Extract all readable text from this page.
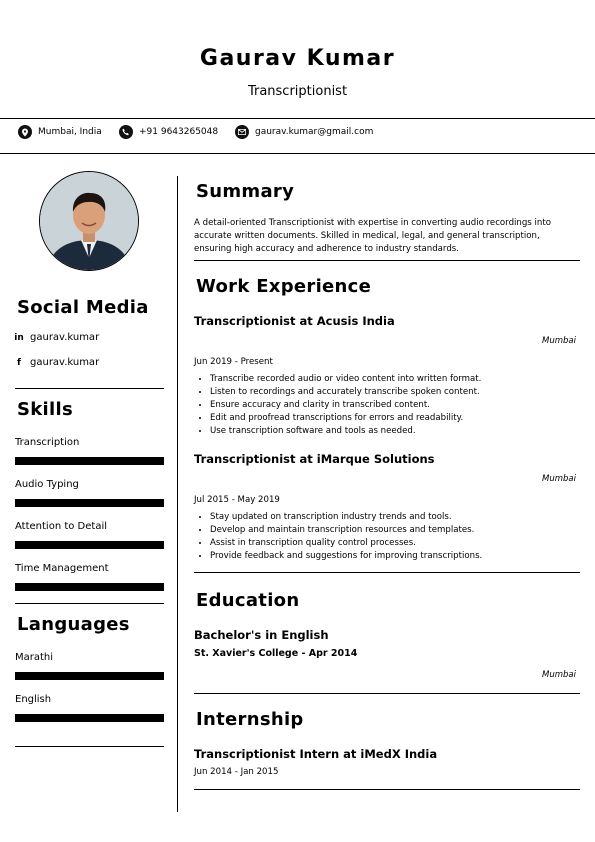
Gaurav Kumar
Transcriptionist
Mumbai, India	+91 9643265048	gaurav.kumar@gmail.com
Social Media
in gaurav.kumar
f gaurav.kumar
Skills
Transcription
Audio Typing
Attention to Detail
Time Management
Languages
Marathi
English
Summary
A detail-oriented Transcriptionist with expertise in converting audio recordings into accurate written documents. Skilled in medical, legal, and general transcription, ensuring high accuracy and adherence to industry standards.
Work Experience
Transcriptionist at Acusis India
Mumbai
Jun 2019 - Present
• Transcribe recorded audio or video content into written format.
• Listen to recordings and accurately transcribe spoken content.
• Ensure accuracy and clarity in transcribed content.
• Edit and proofread transcriptions for errors and readability.
• Use transcription software and tools as needed.
Transcriptionist at iMarque Solutions
Mumbai
Jul 2015 - May 2019
• Stay updated on transcription industry trends and tools.
• Develop and maintain transcription resources and templates.
• Assist in transcription quality control processes.
• Provide feedback and suggestions for improving transcriptions.
Education
Bachelor's in English
St. Xavier's College - Apr 2014
Mumbai
Internship
Transcriptionist Intern at iMedX India
Jun 2014 - Jan 2015
